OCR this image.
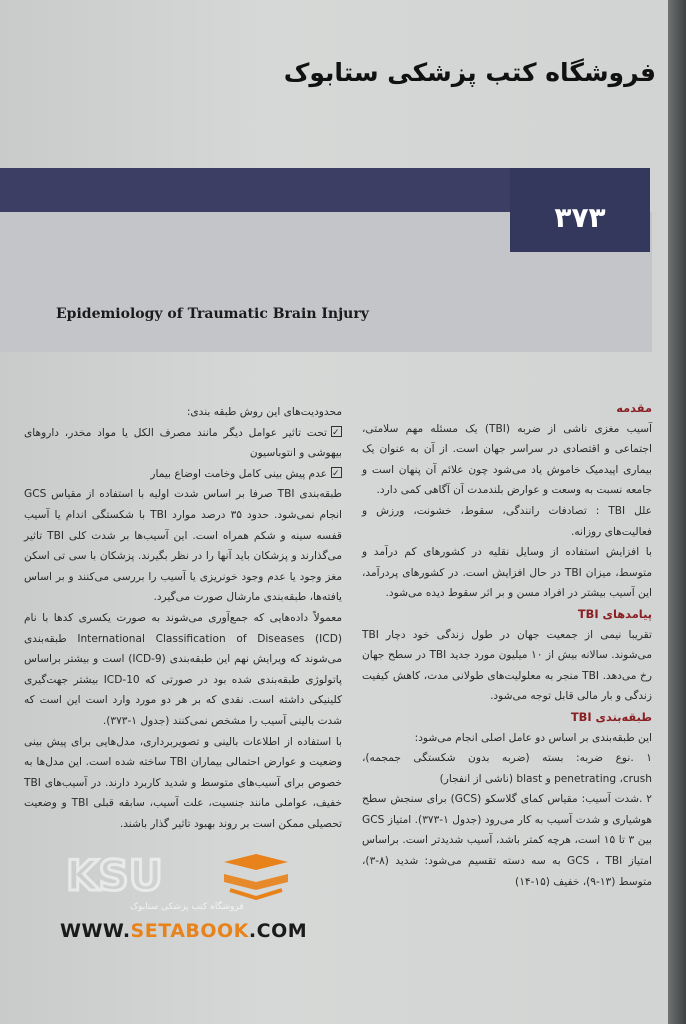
فروشگاه کتب پزشکی ستابوک
۳۷۳
Epidemiology of Traumatic Brain Injury

مقدمه

آسیب مغزی ناشی از ضربه (TBI) یک مسئله مهم سلامتی، اجتماعی و اقتصادی در سراسر جهان است. از آن به عنوان یک بیماری اپیدمیک خاموش یاد می‌شود چون علائم آن پنهان است و جامعه نسبت به وسعت و عوارض بلندمدت آن آگاهی کمی دارد.

علل TBI : تصادفات رانندگی، سقوط، خشونت، ورزش و فعالیت‌های روزانه.

با افزایش استفاده از وسایل نقلیه در کشورهای کم درآمد و متوسط، میزان TBI در حال افزایش است. در کشورهای پردرآمد، این آسیب بیشتر در افراد مسن و بر اثر سقوط دیده می‌شود.

پیامدهای TBI

تقریبا نیمی از جمعیت جهان در طول زندگی خود دچار TBI می‌شوند. سالانه بیش از ۱۰ میلیون مورد جدید TBI در سطح جهان رخ می‌دهد. TBI منجر به معلولیت‌های طولانی مدت، کاهش کیفیت زندگی و بار مالی قابل توجه می‌شود.

طبقه‌بندی TBI

این طبقه‌بندی بر اساس دو عامل اصلی انجام می‌شود:

۱ .نوع ضربه: بسته (ضربه بدون شکستگی جمجمه)، penetrating ،crush و blast (ناشی از انفجار)

۲ .شدت آسیب: مقیاس کمای گلاسکو (GCS) برای سنجش سطح هوشیاری و شدت آسیب به کار می‌رود (جدول ۱-۳۷۳). امتیاز GCS بین ۳ تا ۱۵ است، هرچه کمتر باشد، آسیب شدیدتر است. براساس امتیاز GCS ، TBI به سه دسته تقسیم می‌شود: شدید (۸-۳)، متوسط (۱۳-۹)، خفیف (۱۵-۱۴)

محدودیت‌های این روش طبقه بندی:

✓تحت تاثیر عوامل دیگر مانند مصرف الکل یا مواد مخدر، داروهای بیهوشی و انتوباسیون

✓عدم پیش بینی کامل وخامت اوضاع بیمار

طبقه‌بندی TBI صرفا بر اساس شدت اولیه با استفاده از مقیاس GCS انجام نمی‌شود. حدود ۳۵ درصد موارد TBI با شکستگی اندام یا آسیب قفسه سینه و شکم همراه است. این آسیب‌ها بر شدت کلی TBI تاثیر می‌گذارند و پزشکان باید آنها را در نظر بگیرند. پزشکان با سی تی اسکن مغز وجود یا عدم وجود خونریزی یا آسیب را بررسی می‌کنند و بر اساس یافته‌ها، طبقه‌بندی مارشال صورت می‌گیرد.

معمولاً داده‌هایی که جمع‌آوری می‌شوند به صورت یکسری کدها با نام International Classification of Diseases (ICD) طبقه‌بندی می‌شوند که ویرایش نهم این طبقه‌بندی (ICD-9) است و بیشتر براساس پاتولوژی طبقه‌بندی شده بود در صورتی که ICD-10 بیشتر جهت‌گیری کلینیکی داشته است. نقدی که بر هر دو مورد وارد است این است که شدت بالینی آسیب را مشخص نمی‌کنند (جدول ۱-۳۷۳).

با استفاده از اطلاعات بالینی و تصویربرداری، مدل‌هایی برای پیش بینی وضعیت و عوارض احتمالی بیماران TBI ساخته شده است. این مدل‌ها به خصوص برای آسیب‌های متوسط و شدید کاربرد دارند. در آسیب‌های TBI خفیف، عواملی مانند جنسیت، علت آسیب، سابقه قبلی TBI و وضعیت تحصیلی ممکن است بر روند بهبود تاثیر گذار باشند.

KSU
WWW.SETABOOK.COM
فروشگاه کتب پزشکی ستابوک
